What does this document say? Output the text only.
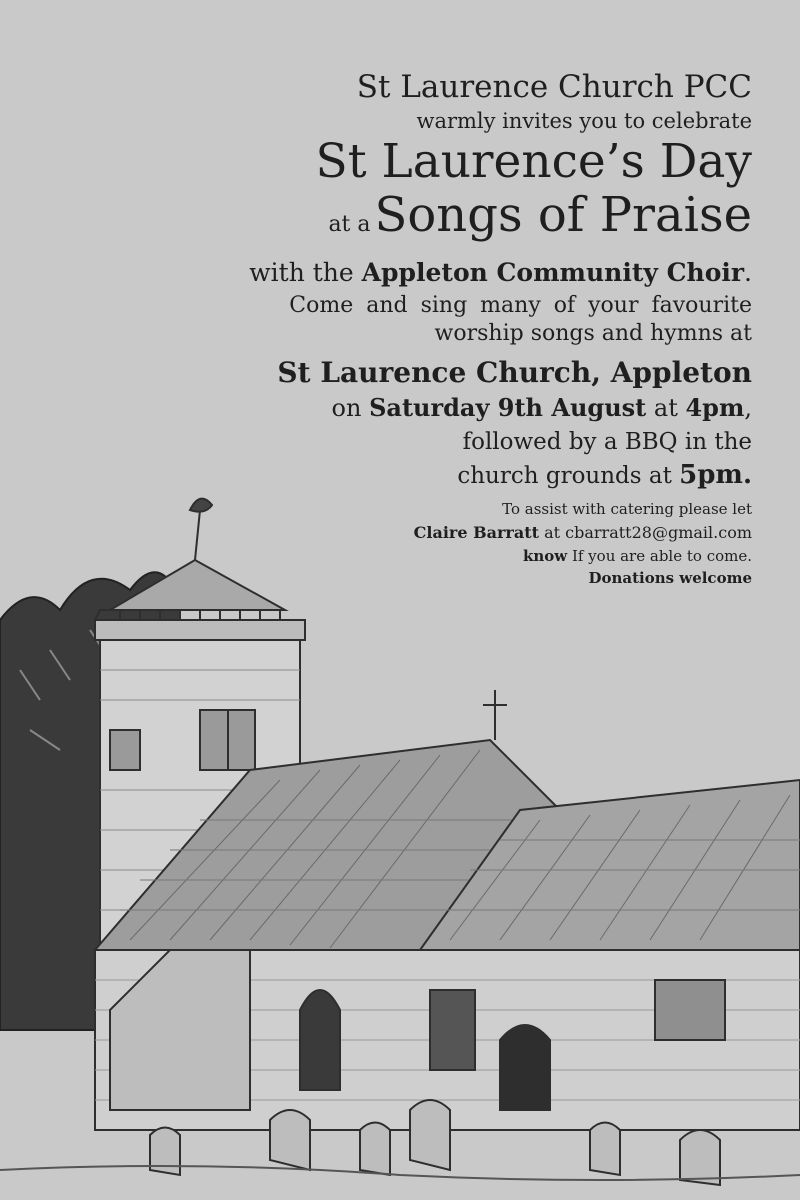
St Laurence Church PCC
warmly invites you to celebrate
St Laurence’s Day
at aSongs of Praise
with the Appleton Community Choir.
Come and sing many of your favourite
worship songs and hymns at
St Laurence Church, Appleton
on Saturday 9th August at 4pm,
followed by a BBQ in the
church grounds at 5pm.
To assist with catering please let
Claire Barratt at cbarratt28@gmail.com
know If you are able to come.
Donations welcome
